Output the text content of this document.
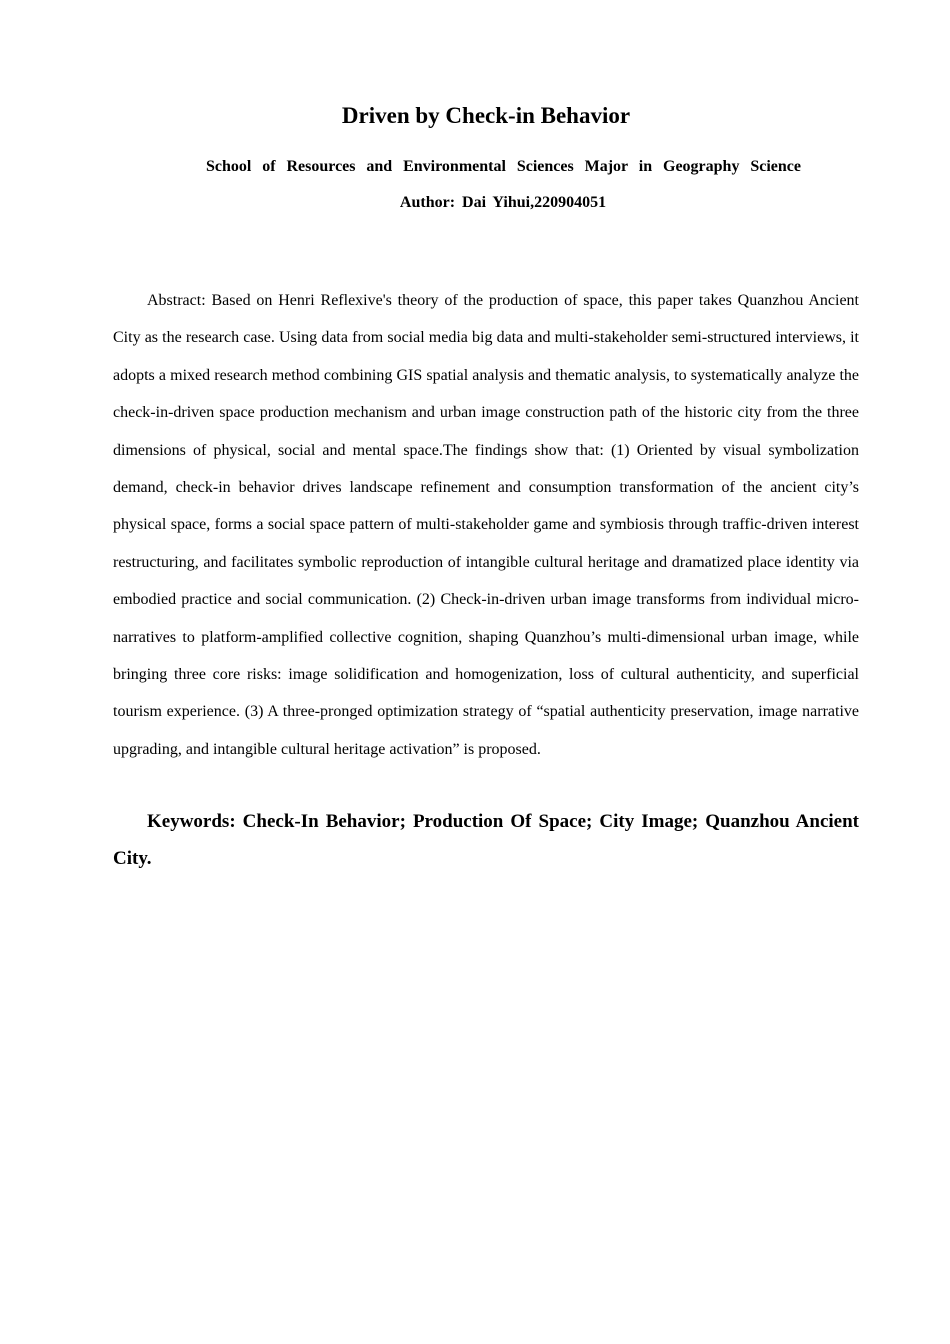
Driven by Check-in Behavior

School of Resources and Environmental Sciences Major in Geography Science

Author: Dai Yihui,220904051

Abstract: Based on Henri Reflexive's theory of the production of space, this paper takes Quanzhou Ancient City as the research case. Using data from social media big data and multi-stakeholder semi-structured interviews, it adopts a mixed research method combining GIS spatial analysis and thematic analysis, to systematically analyze the check-in-driven space production mechanism and urban image construction path of the historic city from the three dimensions of physical, social and mental space.The findings show that: (1) Oriented by visual symbolization demand, check-in behavior drives landscape refinement and consumption transformation of the ancient city’s physical space, forms a social space pattern of multi-stakeholder game and symbiosis through traffic-driven interest restructuring, and facilitates symbolic reproduction of intangible cultural heritage and dramatized place identity via embodied practice and social communication. (2) Check-in-driven urban image transforms from individual micro-narratives to platform-amplified collective cognition, shaping Quanzhou’s multi-dimensional urban image, while bringing three core risks: image solidification and homogenization, loss of cultural authenticity, and superficial tourism experience. (3) A three-pronged optimization strategy of “spatial authenticity preservation, image narrative upgrading, and intangible cultural heritage activation” is proposed.

Keywords: Check-In Behavior; Production Of Space; City Image; Quanzhou Ancient City.
